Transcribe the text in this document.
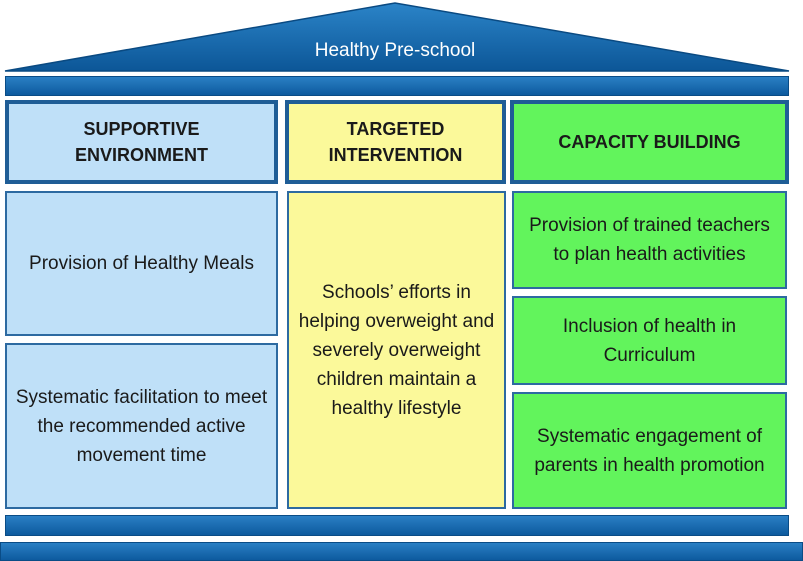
Healthy Pre-school
SUPPORTIVE ENVIRONMENT
TARGETED INTERVENTION
CAPACITY BUILDING
Provision of Healthy Meals
Systematic facilitation to meet the recommended active movement time
Schools’ efforts in helping overweight and severely overweight children maintain a healthy lifestyle
Provision of trained teachers to plan health activities
Inclusion of health in Curriculum
Systematic engagement of parents in health promotion
